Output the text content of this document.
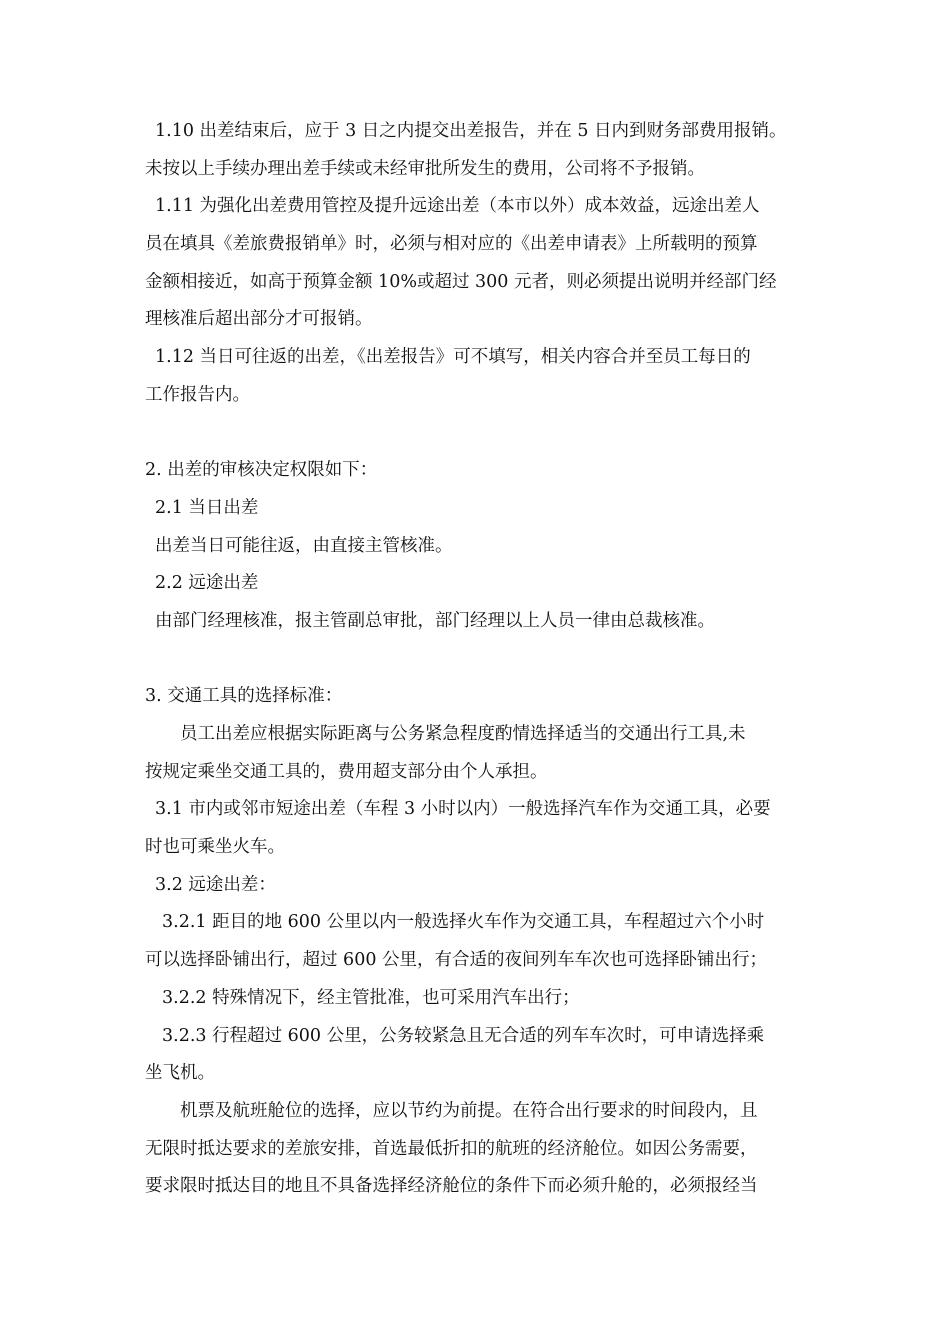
1.10 出差结束后，应于 3 日之内提交出差报告，并在 5 日内到财务部费用报销。
未按以上手续办理出差手续或未经审批所发生的费用，公司将不予报销。
1.11 为强化出差费用管控及提升远途出差（本市以外）成本效益，远途出差人
员在填具《差旅费报销单》时，必须与相对应的《出差申请表》上所载明的预算
金额相接近，如高于预算金额 10%或超过 300 元者，则必须提出说明并经部门经
理核准后超出部分才可报销。
1.12 当日可往返的出差，《出差报告》可不填写，相关内容合并至员工每日的
工作报告内。
2. 出差的审核决定权限如下：
2.1 当日出差
出差当日可能往返，由直接主管核准。
2.2 远途出差
由部门经理核准，报主管副总审批，部门经理以上人员一律由总裁核准。
3. 交通工具的选择标准：
员工出差应根据实际距离与公务紧急程度酌情选择适当的交通出行工具,未
按规定乘坐交通工具的，费用超支部分由个人承担。
3.1 市内或邻市短途出差（车程 3 小时以内）一般选择汽车作为交通工具，必要
时也可乘坐火车。
3.2 远途出差：
3.2.1 距目的地 600 公里以内一般选择火车作为交通工具，车程超过六个小时
可以选择卧铺出行，超过 600 公里，有合适的夜间列车车次也可选择卧铺出行；
3.2.2 特殊情况下，经主管批准，也可采用汽车出行；
3.2.3 行程超过 600 公里，公务较紧急且无合适的列车车次时，可申请选择乘
坐飞机。
机票及航班舱位的选择，应以节约为前提。在符合出行要求的时间段内，且
无限时抵达要求的差旅安排，首选最低折扣的航班的经济舱位。如因公务需要，
要求限时抵达目的地且不具备选择经济舱位的条件下而必须升舱的，必须报经当
